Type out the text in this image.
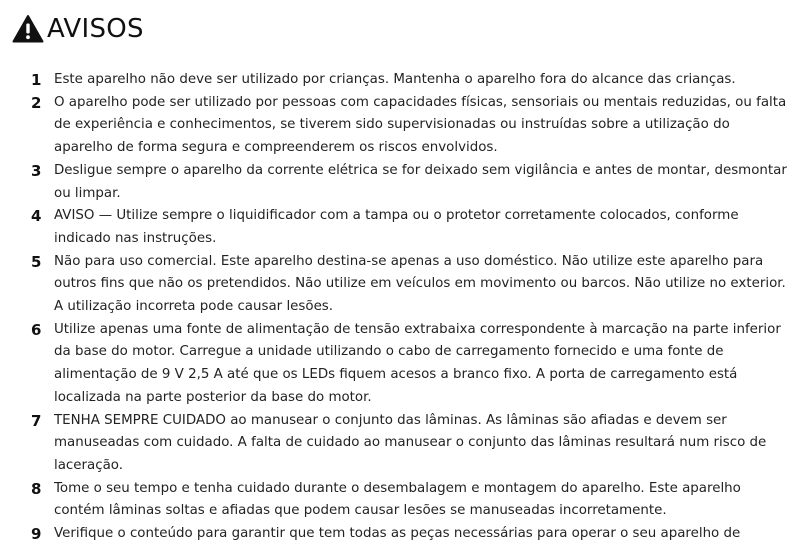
AVISOS
1 Este aparelho não deve ser utilizado por crianças. Mantenha o aparelho fora do alcance das crianças.
2 O aparelho pode ser utilizado por pessoas com capacidades físicas, sensoriais ou mentais reduzidas, ou falta de experiência e conhecimentos, se tiverem sido supervisionadas ou instruídas sobre a utilização do aparelho de forma segura e compreenderem os riscos envolvidos.
3 Desligue sempre o aparelho da corrente elétrica se for deixado sem vigilância e antes de montar, desmontar ou limpar.
4 AVISO — Utilize sempre o liquidificador com a tampa ou o protetor corretamente colocados, conforme indicado nas instruções.
5 Não para uso comercial. Este aparelho destina-se apenas a uso doméstico. Não utilize este aparelho para outros fins que não os pretendidos. Não utilize em veículos em movimento ou barcos. Não utilize no exterior. A utilização incorreta pode causar lesões.
6 Utilize apenas uma fonte de alimentação de tensão extrabaixa correspondente à marcação na parte inferior da base do motor. Carregue a unidade utilizando o cabo de carregamento fornecido e uma fonte de alimentação de 9 V 2,5 A até que os LEDs fiquem acesos a branco fixo. A porta de carregamento está localizada na parte posterior da base do motor.
7 TENHA SEMPRE CUIDADO ao manusear o conjunto das lâminas. As lâminas são afiadas e devem ser manuseadas com cuidado. A falta de cuidado ao manusear o conjunto das lâminas resultará num risco de laceração.
8 Tome o seu tempo e tenha cuidado durante o desembalagem e montagem do aparelho. Este aparelho contém lâminas soltas e afiadas que podem causar lesões se manuseadas incorretamente.
9 Verifique o conteúdo para garantir que tem todas as peças necessárias para operar o seu aparelho de
